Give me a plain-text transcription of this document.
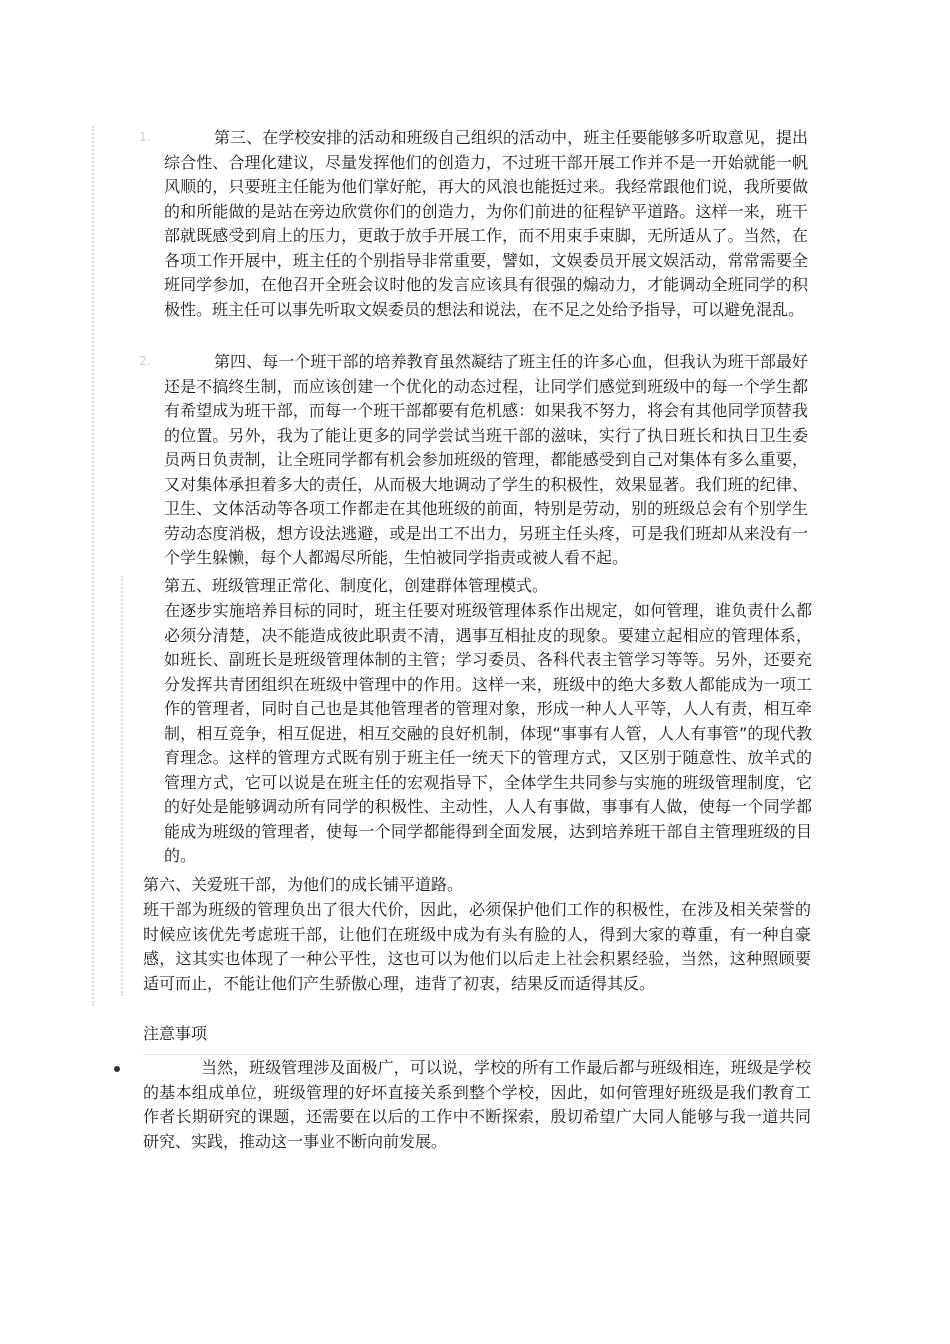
1.
2.

第三、在学校安排的活动和班级自己组织的活动中，班主任要能够多听取意见，提出综合性、合理化建议，尽量发挥他们的创造力，不过班干部开展工作并不是一开始就能一帆风顺的，只要班主任能为他们掌好舵，再大的风浪也能挺过来。我经常跟他们说，我所要做的和所能做的是站在旁边欣赏你们的创造力，为你们前进的征程铲平道路。这样一来，班干部就既感受到肩上的压力，更敢于放手开展工作，而不用束手束脚，无所适从了。当然，在各项工作开展中，班主任的个别指导非常重要，譬如，文娱委员开展文娱活动，常常需要全班同学参加，在他召开全班会议时他的发言应该具有很强的煽动力，才能调动全班同学的积极性。班主任可以事先听取文娱委员的想法和说法，在不足之处给予指导，可以避免混乱。

第四、每一个班干部的培养教育虽然凝结了班主任的许多心血，但我认为班干部最好还是不搞终生制，而应该创建一个优化的动态过程，让同学们感觉到班级中的每一个学生都有希望成为班干部，而每一个班干部都要有危机感：如果我不努力，将会有其他同学顶替我的位置。另外，我为了能让更多的同学尝试当班干部的滋味，实行了执日班长和执日卫生委员两日负责制，让全班同学都有机会参加班级的管理，都能感受到自己对集体有多么重要，又对集体承担着多大的责任，从而极大地调动了学生的积极性，效果显著。我们班的纪律、卫生、文体活动等各项工作都走在其他班级的前面，特别是劳动，别的班级总会有个别学生劳动态度消极，想方设法逃避，或是出工不出力，另班主任头疼，可是我们班却从来没有一个学生躲懒，每个人都竭尽所能，生怕被同学指责或被人看不起。

第五、班级管理正常化、制度化，创建群体管理模式。

在逐步实施培养目标的同时，班主任要对班级管理体系作出规定，如何管理，谁负责什么都必须分清楚，决不能造成彼此职责不清，遇事互相扯皮的现象。要建立起相应的管理体系，如班长、副班长是班级管理体制的主管；学习委员、各科代表主管学习等等。另外，还要充分发挥共青团组织在班级中管理中的作用。这样一来，班级中的绝大多数人都能成为一项工作的管理者，同时自己也是其他管理者的管理对象，形成一种人人平等，人人有责，相互牵制，相互竞争，相互促进，相互交融的良好机制，体现“事事有人管，人人有事管”的现代教育理念。这样的管理方式既有别于班主任一统天下的管理方式，又区别于随意性、放羊式的管理方式，它可以说是在班主任的宏观指导下，全体学生共同参与实施的班级管理制度，它的好处是能够调动所有同学的积极性、主动性，人人有事做，事事有人做，使每一个同学都能成为班级的管理者，使每一个同学都能得到全面发展，达到培养班干部自主管理班级的目的。

第六、关爱班干部，为他们的成长铺平道路。

班干部为班级的管理负出了很大代价，因此，必须保护他们工作的积极性，在涉及相关荣誉的时候应该优先考虑班干部，让他们在班级中成为有头有脸的人，得到大家的尊重，有一种自豪感，这其实也体现了一种公平性，这也可以为他们以后走上社会积累经验，当然，这种照顾要适可而止，不能让他们产生骄傲心理，违背了初衷，结果反而适得其反。

注意事项

当然，班级管理涉及面极广，可以说，学校的所有工作最后都与班级相连，班级是学校的基本组成单位，班级管理的好坏直接关系到整个学校，因此，如何管理好班级是我们教育工作者长期研究的课题，还需要在以后的工作中不断探索，殷切希望广大同人能够与我一道共同研究、实践，推动这一事业不断向前发展。
